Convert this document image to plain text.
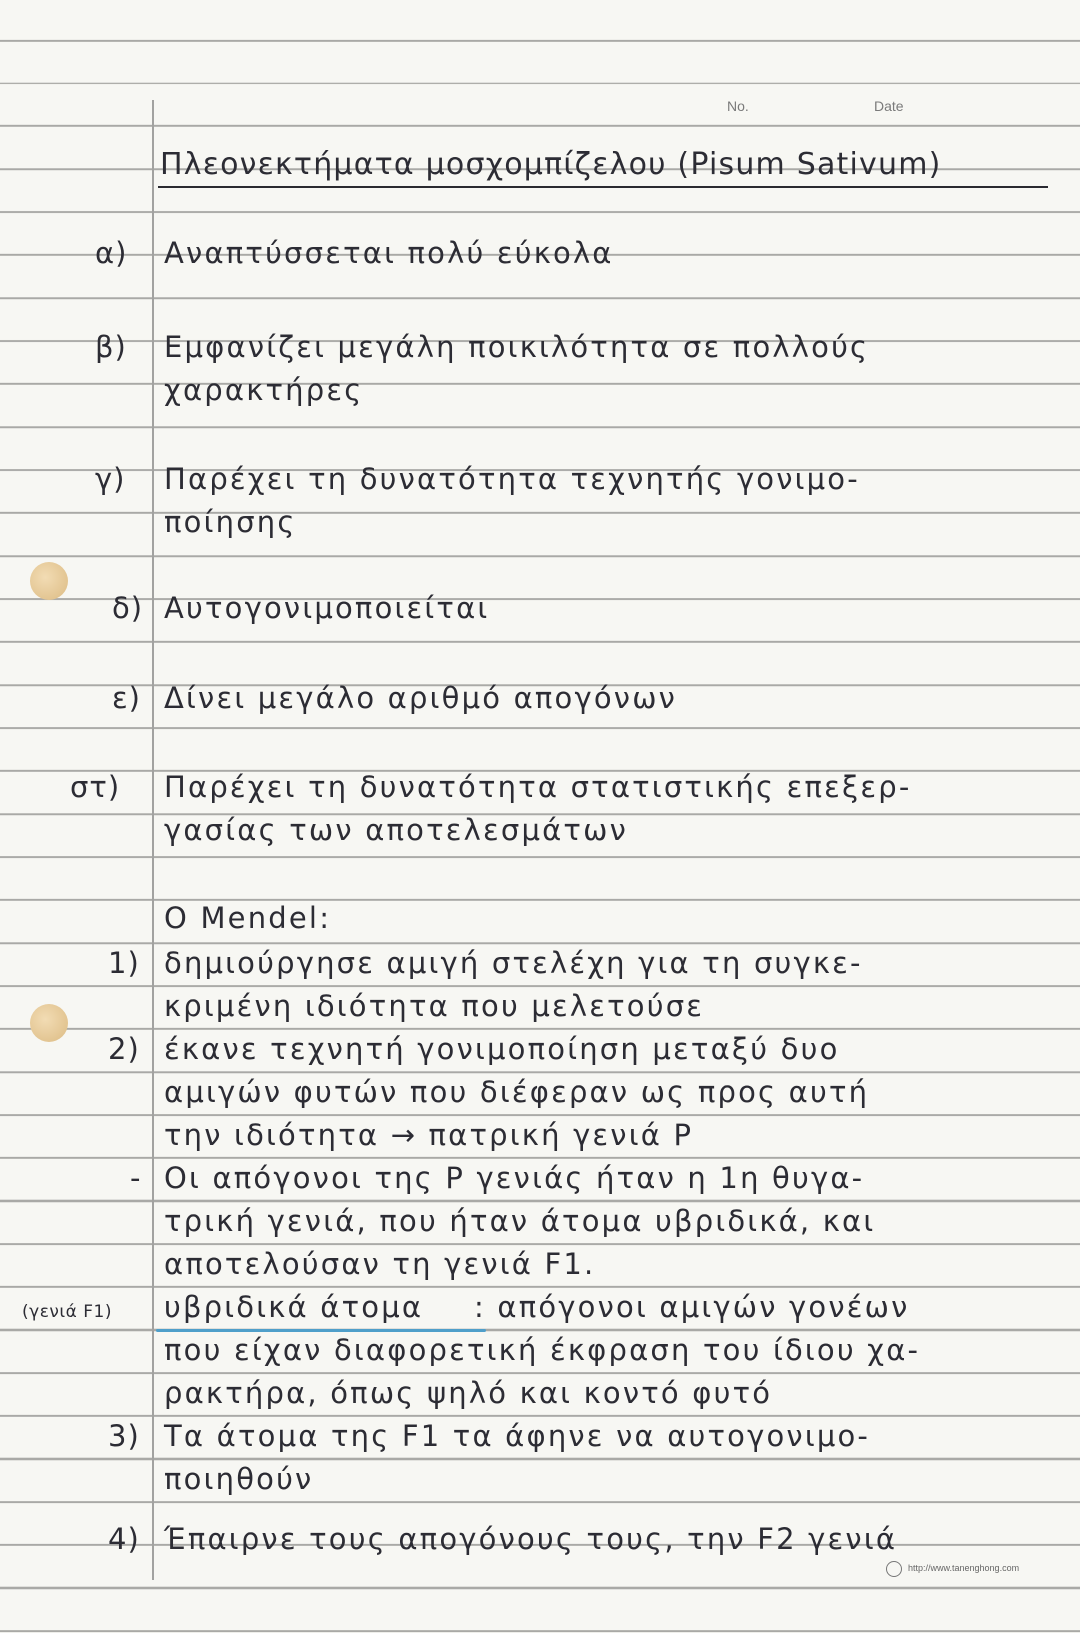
No.	Date
Πλεονεκτήματα μοσχομπίζελου (Pisum Sativum)
α) Αναπτύσσεται πολύ εύκολα
β) Εμφανίζει μεγάλη ποικιλότητα σε πολλούς
χαρακτήρες
γ) Παρέχει τη δυνατότητα τεχνητής γονιμο-
ποίησης
δ) Αυτογονιμοποιείται
ε) Δίνει μεγάλο αριθμό απογόνων
στ) Παρέχει τη δυνατότητα στατιστικής επεξερ-
γασίας των αποτελεσμάτων
Ο Mendel:
1) δημιούργησε αμιγή στελέχη για τη συγκε-
κριμένη ιδιότητα που μελετούσε
2) έκανε τεχνητή γονιμοποίηση μεταξύ δυο
αμιγών φυτών που διέφεραν ως προς αυτή
την ιδιότητα → πατρική γενιά P
- Οι απόγονοι της P γενιάς ήταν η 1η θυγα-
τρική γενιά, που ήταν άτομα υβριδικά, και
αποτελούσαν τη γενιά F1.
(γενιά F1) υβριδικά άτομα : απόγονοι αμιγών γονέων
που είχαν διαφορετική έκφραση του ίδιου χα-
ρακτήρα, όπως ψηλό και κοντό φυτό
3) Τα άτομα της F1 τα άφηνε να αυτογονιμο-
ποιηθούν
4) Έπαιρνε τους απογόνους τους, την F2 γενιά
http://www.tanenghong.com
